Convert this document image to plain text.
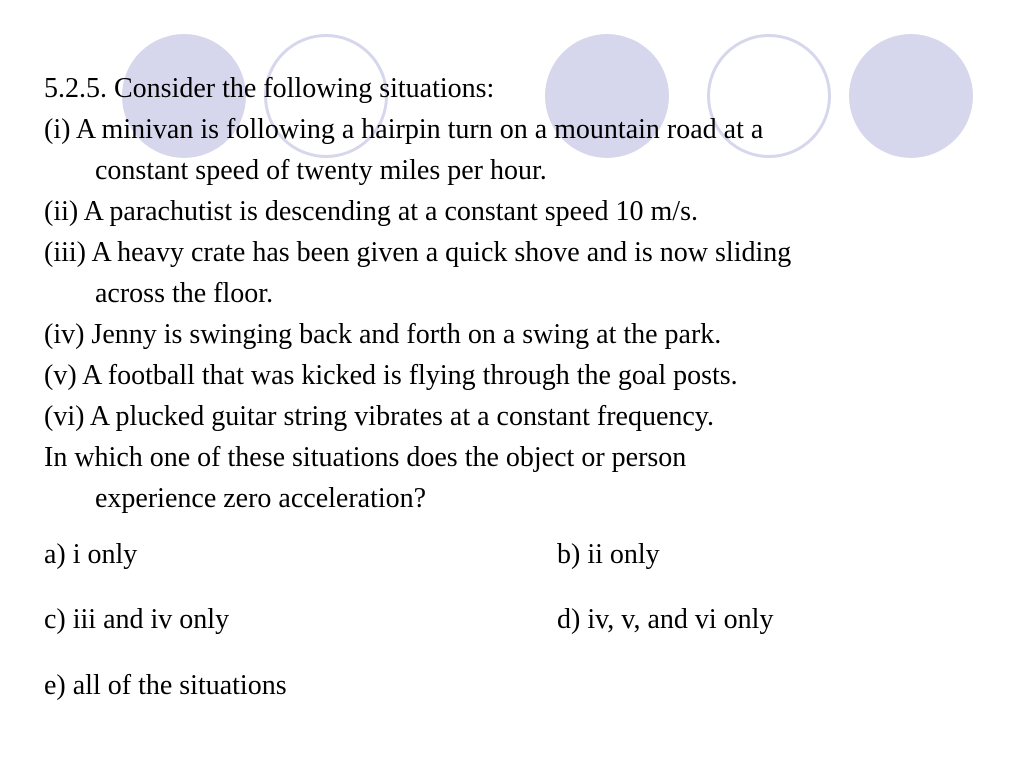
5.2.5. Consider the following situations:

(i) A minivan is following a hairpin turn on a mountain road at a

constant speed of twenty miles per hour.

(ii) A parachutist is descending at a constant speed 10 m/s.

(iii) A heavy crate has been given a quick shove and is now sliding

across the floor.

(iv) Jenny is swinging back and forth on a swing at the park.

(v) A football that was kicked is flying through the goal posts.

(vi) A plucked guitar string vibrates at a constant frequency.

In which one of these situations does the object or person

experience zero acceleration?

a) i only	b) ii only
c) iii and iv only	d) iv, v, and vi only
e) all of the situations
